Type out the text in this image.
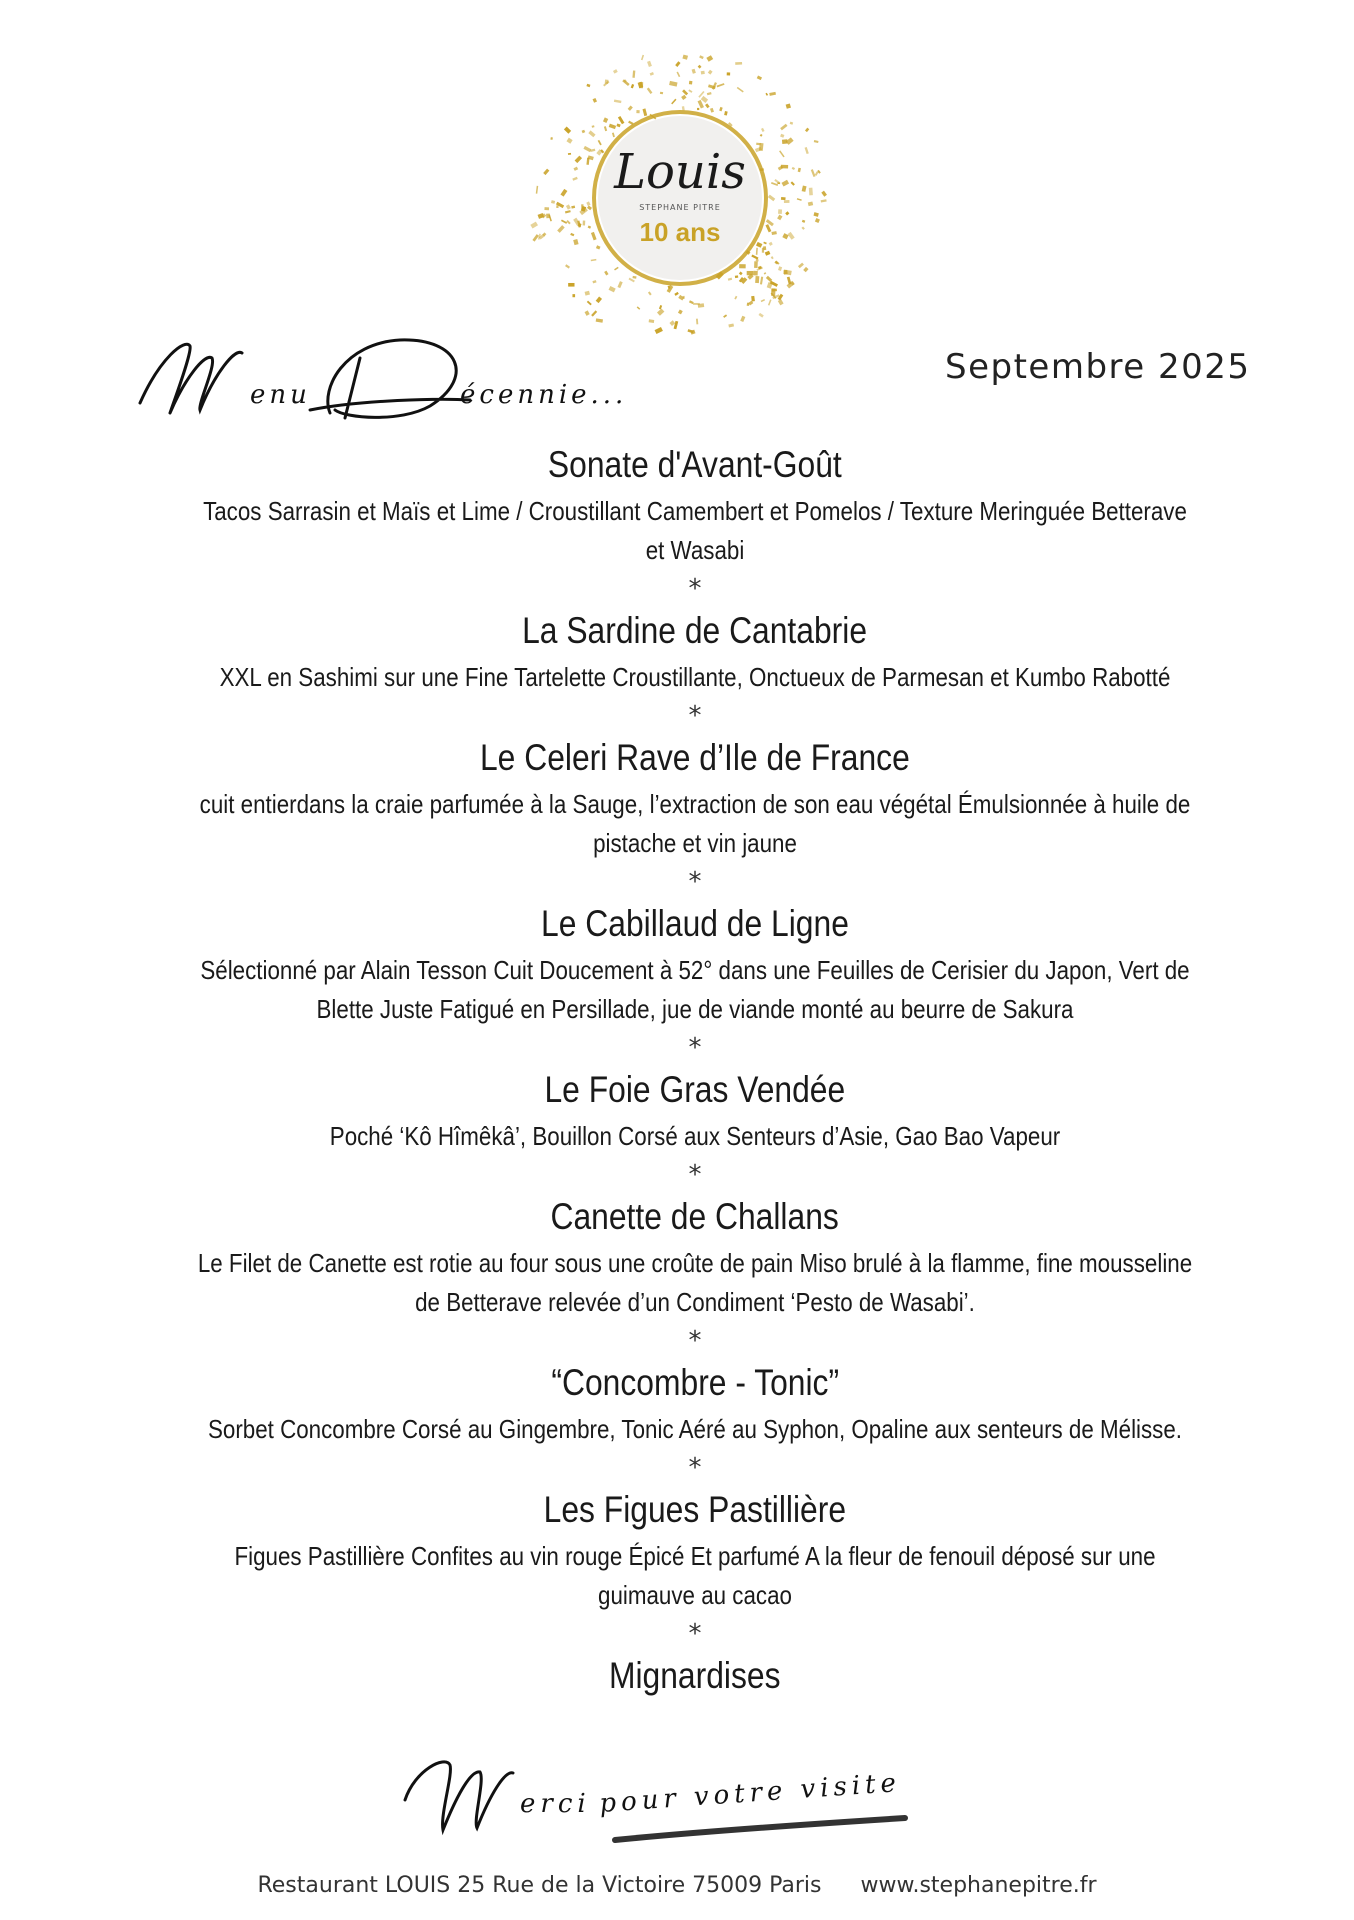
Louis
STEPHANE PITRE
10 ans
enu	écennie...
Septembre 2025
Sonate d'Avant-Goût
Tacos Sarrasin et Maïs et Lime / Croustillant Camembert et Pomelos / Texture Meringuée Betterave et Wasabi
*
La Sardine de Cantabrie
XXL en Sashimi sur une Fine Tartelette Croustillante, Onctueux de Parmesan et Kumbo Rabotté
*
Le Celeri Rave d’Ile de France
cuit entierdans la craie parfumée à la Sauge, l’extraction de son eau végétal Émulsionnée à huile de pistache et vin jaune
*
Le Cabillaud de Ligne
Sélectionné par Alain Tesson Cuit Doucement à 52° dans une Feuilles de Cerisier du Japon, Vert de Blette Juste Fatigué en Persillade, jue de viande monté au beurre de Sakura
*
Le Foie Gras Vendée
Poché ‘Kô Hîmêkâ’, Bouillon Corsé aux Senteurs d’Asie, Gao Bao Vapeur
*
Canette de Challans
Le Filet de Canette est rotie au four sous une croûte de pain Miso brulé à la flamme, fine mousseline de Betterave relevée d’un Condiment ‘Pesto de Wasabi’.
*
“Concombre - Tonic”
Sorbet Concombre Corsé au Gingembre, Tonic Aéré au Syphon, Opaline aux senteurs de Mélisse.
*
Les Figues Pastillière
Figues Pastillière Confites au vin rouge Épicé Et parfumé A la fleur de fenouil déposé sur une guimauve au cacao
*
Mignardises
erci pour votre visite
Restaurant LOUIS 25 Rue de la Victoire 75009 Paris www.stephanepitre.fr
